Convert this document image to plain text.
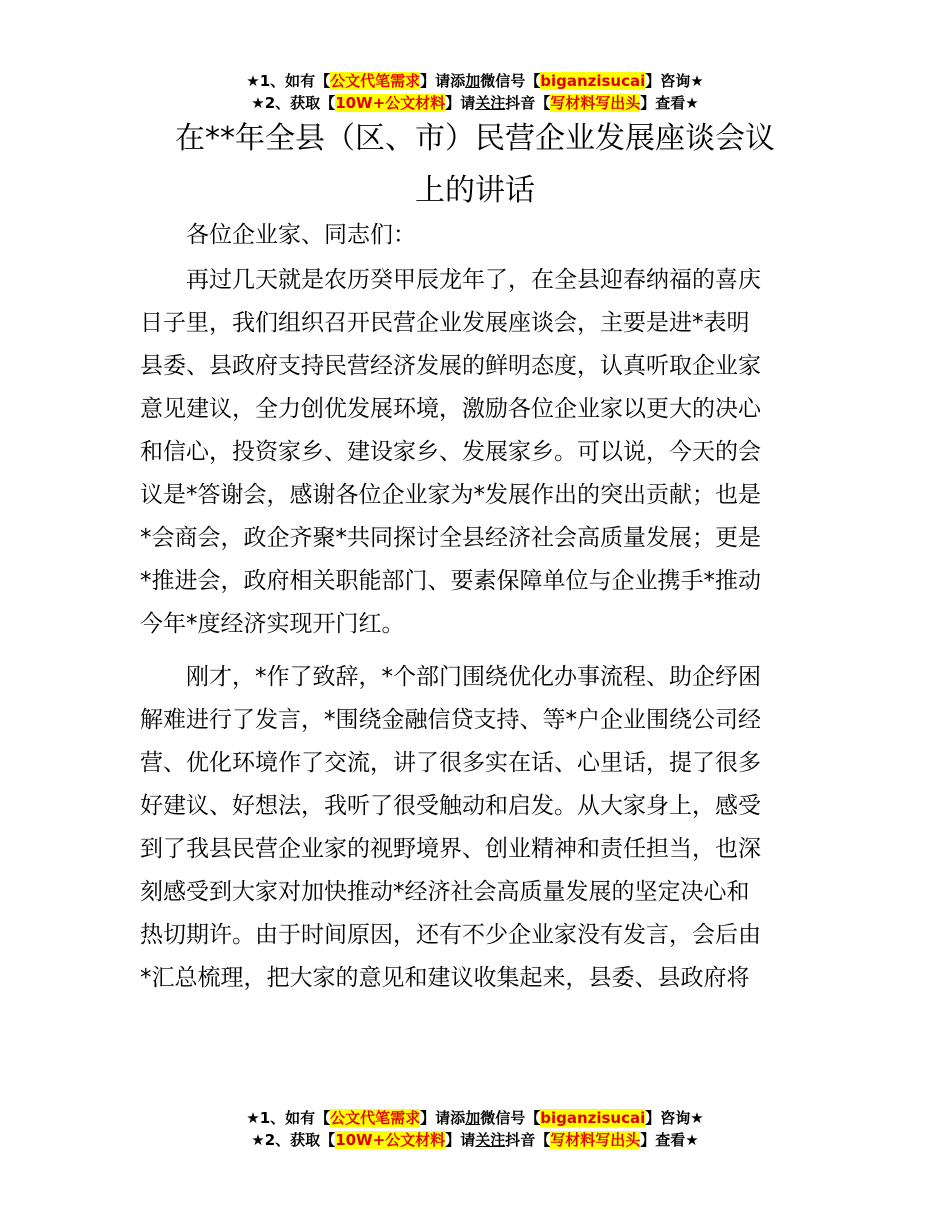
★1、如有【公文代笔需求】请添加微信号【biganzisucai】咨询★
★2、获取【10W+公文材料】请关注抖音【写材料写出头】查看★
在**年全县（区、市）民营企业发展座谈会议
上的讲话

各位企业家、同志们：

再过几天就是农历癸甲辰龙年了，在全县迎春纳福的喜庆
日子里，我们组织召开民营企业发展座谈会，主要是进*表明
县委、县政府支持民营经济发展的鲜明态度，认真听取企业家
意见建议，全力创优发展环境，激励各位企业家以更大的决心
和信心，投资家乡、建设家乡、发展家乡。可以说，今天的会
议是*答谢会，感谢各位企业家为*发展作出的突出贡献；也是
*会商会，政企齐聚*共同探讨全县经济社会高质量发展；更是
*推进会，政府相关职能部门、要素保障单位与企业携手*推动
今年*度经济实现开门红。
刚才，*作了致辞，*个部门围绕优化办事流程、助企纾困
解难进行了发言，*围绕金融信贷支持、等*户企业围绕公司经
营、优化环境作了交流，讲了很多实在话、心里话，提了很多
好建议、好想法，我听了很受触动和启发。从大家身上，感受
到了我县民营企业家的视野境界、创业精神和责任担当，也深
刻感受到大家对加快推动*经济社会高质量发展的坚定决心和
热切期许。由于时间原因，还有不少企业家没有发言，会后由
*汇总梳理，把大家的意见和建议收集起来，县委、县政府将
★1、如有【公文代笔需求】请添加微信号【biganzisucai】咨询★
★2、获取【10W+公文材料】请关注抖音【写材料写出头】查看★
